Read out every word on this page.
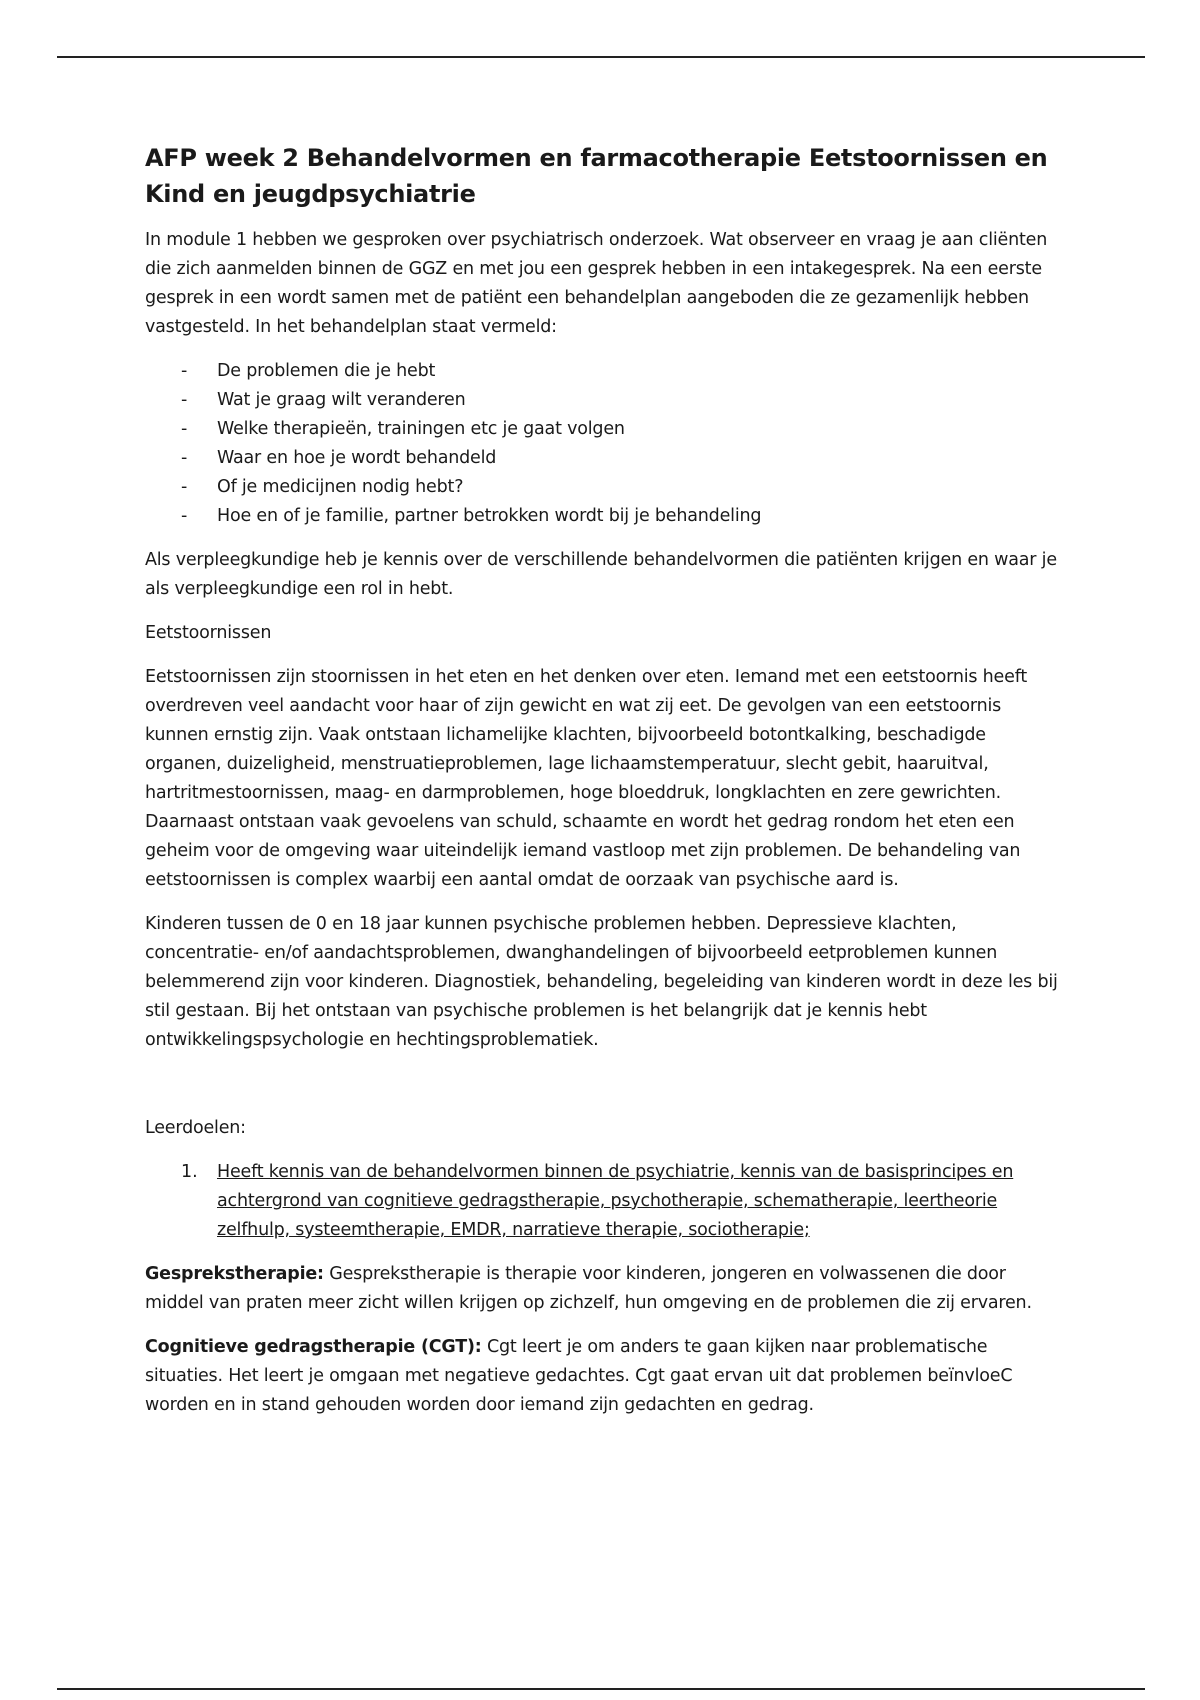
AFP week 2 Behandelvormen en farmacotherapie Eetstoornissen en Kind en jeugdpsychiatrie

In module 1 hebben we gesproken over psychiatrisch onderzoek. Wat observeer en vraag je aan cliënten die zich aanmelden binnen de GGZ en met jou een gesprek hebben in een intakegesprek. Na een eerste gesprek in een wordt samen met de patiënt een behandelplan aangeboden die ze gezamenlijk hebben vastgesteld. In het behandelplan staat vermeld:

- De problemen die je hebt
- Wat je graag wilt veranderen
- Welke therapieën, trainingen etc je gaat volgen
- Waar en hoe je wordt behandeld
- Of je medicijnen nodig hebt?
- Hoe en of je familie, partner betrokken wordt bij je behandeling

Als verpleegkundige heb je kennis over de verschillende behandelvormen die patiënten krijgen en waar je als verpleegkundige een rol in hebt.

Eetstoornissen

Eetstoornissen zijn stoornissen in het eten en het denken over eten. Iemand met een eetstoornis heeft overdreven veel aandacht voor haar of zijn gewicht en wat zij eet. De gevolgen van een eetstoornis kunnen ernstig zijn. Vaak ontstaan lichamelijke klachten, bijvoorbeeld botontkalking, beschadigde organen, duizeligheid, menstruatieproblemen, lage lichaamstemperatuur, slecht gebit, haaruitval, hartritmestoornissen, maag- en darmproblemen, hoge bloeddruk, longklachten en zere gewrichten. Daarnaast ontstaan vaak gevoelens van schuld, schaamte en wordt het gedrag rondom het eten een geheim voor de omgeving waar uiteindelijk iemand vastloop met zijn problemen. De behandeling van eetstoornissen is complex waarbij een aantal omdat de oorzaak van psychische aard is.

Kinderen tussen de 0 en 18 jaar kunnen psychische problemen hebben. Depressieve klachten, concentratie- en/of aandachtsproblemen, dwanghandelingen of bijvoorbeeld eetproblemen kunnen belemmerend zijn voor kinderen. Diagnostiek, behandeling, begeleiding van kinderen wordt in deze les bij stil gestaan. Bij het ontstaan van psychische problemen is het belangrijk dat je kennis hebt ontwikkelingspsychologie en hechtingsproblematiek.

Leerdoelen:

1. Heeft kennis van de behandelvormen binnen de psychiatrie, kennis van de basisprincipes en achtergrond van cognitieve gedragstherapie, psychotherapie, schematherapie, leertheorie zelfhulp, systeemtherapie, EMDR, narratieve therapie, sociotherapie;

Gesprekstherapie: Gesprekstherapie is therapie voor kinderen, jongeren en volwassenen die door middel van praten meer zicht willen krijgen op zichzelf, hun omgeving en de problemen die zij ervaren.

Cognitieve gedragstherapie (CGT): Cgt leert je om anders te gaan kijken naar problematische situaties. Het leert je omgaan met negatieve gedachtes. Cgt gaat ervan uit dat problemen beïnvloeC worden en in stand gehouden worden door iemand zijn gedachten en gedrag.
